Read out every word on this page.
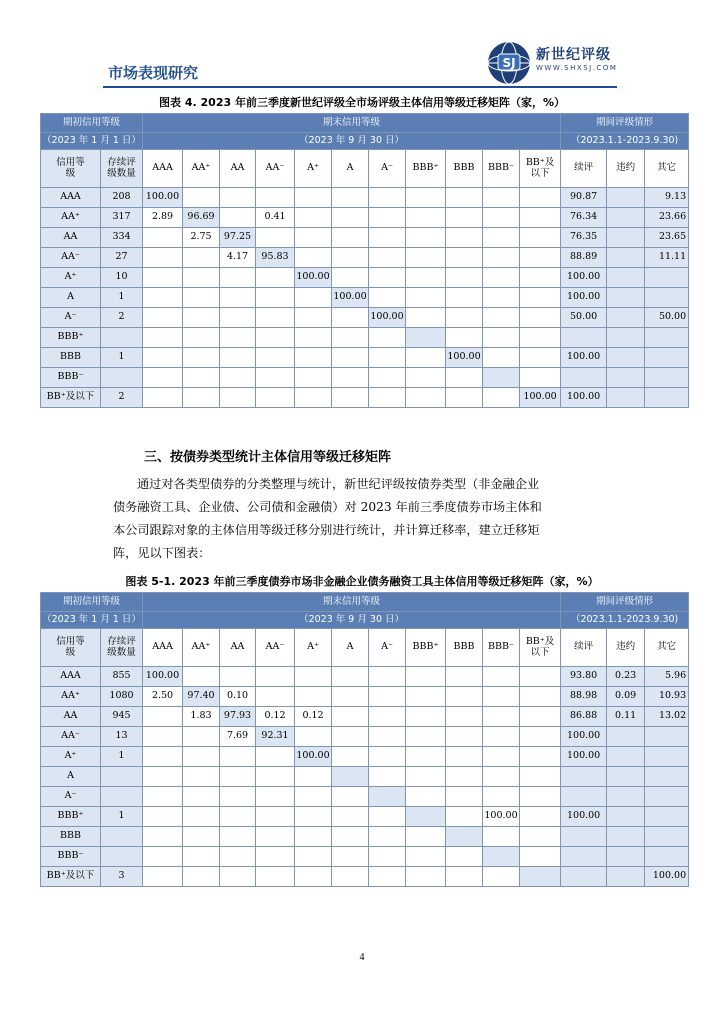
市场表现研究
SJ 新世纪评级
WWW.SHXSJ.COM
图表 4. 2023 年前三季度新世纪评级全市场评级主体信用等级迁移矩阵（家，%）
期初信用等级		期末信用等级											期间评级情形		
（2023 年 1 月 1 日）		（2023 年 9 月 30 日）											（2023.1.1-2023.9.30)		
信用等级	存续评级数量	AAA	AA⁺	AA	AA⁻	A⁺	A	A⁻	BBB⁺	BBB	BBB⁻	BB⁺及以下	续评	违约	其它
AAA	208	100.00											90.87		9.13
AA⁺	317	2.89	96.69		0.41								76.34		23.66
AA	334		2.75	97.25									76.35		23.65
AA⁻	27			4.17	95.83								88.89		11.11
A⁺	10					100.00							100.00		
A	1						100.00						100.00		
A⁻	2							100.00					50.00		50.00
BBB⁺															
BBB	1									100.00			100.00		
BBB⁻															
BB⁺及以下	2											100.00	100.00		
三、按债券类型统计主体信用等级迁移矩阵
通过对各类型债券的分类整理与统计，新世纪评级按债券类型（非金融企业
债务融资工具、企业债、公司债和金融债）对 2023 年前三季度债券市场主体和
本公司跟踪对象的主体信用等级迁移分别进行统计，并计算迁移率，建立迁移矩
阵，见以下图表：
图表 5-1. 2023 年前三季度债券市场非金融企业债务融资工具主体信用等级迁移矩阵（家，%）
期初信用等级		期末信用等级											期间评级情形		
（2023 年 1 月 1 日）		（2023 年 9 月 30 日）											（2023.1.1-2023.9.30)		
信用等级	存续评级数量	AAA	AA⁺	AA	AA⁻	A⁺	A	A⁻	BBB⁺	BBB	BBB⁻	BB⁺及以下	续评	违约	其它
AAA	855	100.00											93.80	0.23	5.96
AA⁺	1080	2.50	97.40	0.10									88.98	0.09	10.93
AA	945		1.83	97.93	0.12	0.12							86.88	0.11	13.02
AA⁻	13			7.69	92.31								100.00		
A⁺	1					100.00							100.00		
A															
A⁻															
BBB⁺	1										100.00		100.00		
BBB															
BBB⁻															
BB⁺及以下	3														100.00
4
